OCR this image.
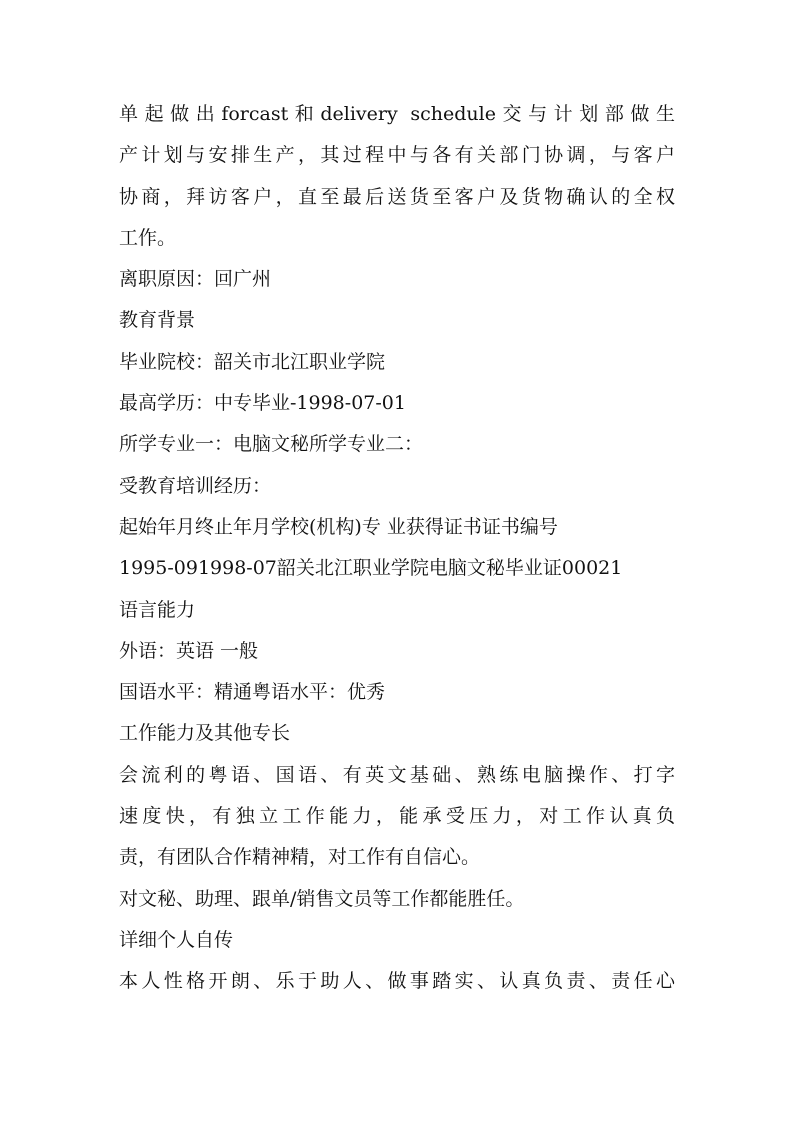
单起做出forcast和delivery schedule交与计划部做生
产计划与安排生产，其过程中与各有关部门协调，与客户
协商，拜访客户，直至最后送货至客户及货物确认的全权
工作。
离职原因：回广州
教育背景
毕业院校：韶关市北江职业学院
最高学历：中专毕业-1998-07-01
所学专业一：电脑文秘所学专业二：
受教育培训经历：
起始年月终止年月学校(机构)专 业获得证书证书编号
1995-091998-07韶关北江职业学院电脑文秘毕业证00021
语言能力
外语：英语 一般
国语水平：精通粤语水平：优秀
工作能力及其他专长
会流利的粤语、国语、有英文基础、熟练电脑操作、打字
速度快，有独立工作能力，能承受压力，对工作认真负
责，有团队合作精神精，对工作有自信心。
对文秘、助理、跟单/销售文员等工作都能胜任。
详细个人自传
本人性格开朗、乐于助人、做事踏实、认真负责、责任心
